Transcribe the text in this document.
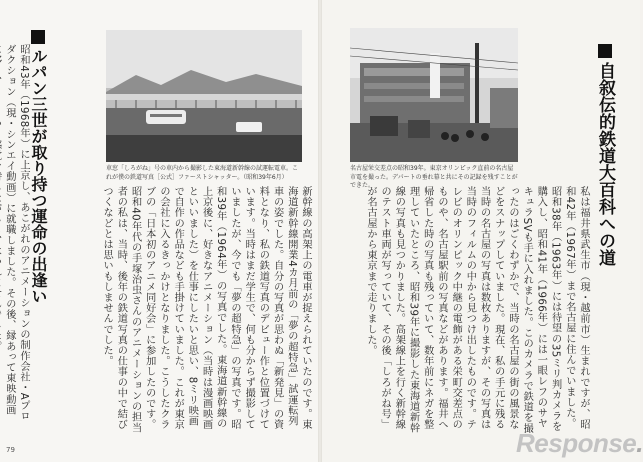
自叙伝的鉄道大百科への道
私は福井県武生市（現・越前市）生まれですが、昭和42年（1967年）まで名古屋に住んでいました。昭和38年（1963年）には待望の35ミリ判カメラを購入し、昭和41年（1966年）には一眼レフのサヤキュラSVも手に入れました。このカメラで鉄道を撮ったのはごくわずかで、当時の名古屋の街の風景などをスナップしていました。現在、私の手元に残る当時の名古屋の写真は数枚ありますが、その写真は当時のフィルムの中から見つけ出したものです。テレビのオリンピック中継の電飾がある栄町交差点のものや、名古屋駅前の写真などがあります。福井へ帰省した時の写真も残っていて、数年前にネガを整理していたところ、昭和39年に撮影した東海道新幹線の写真も見つかりました。高架線上を行く新幹線のテスト車両が写っていて、その後「しろがね号」が名古屋から東京まで走りました。
名古屋栄交差点の昭和39年。東京オリンピック直前の名古屋市電を撮った。デパートの垂れ幕と共にその記録を残すことができた。
ルパン三世が取り持つ運命の出逢い
昭和43年（1968年）に上京し、あこがれのアニメーションの制作会社・Aプロダクション（現・シンエイ動画）に就職しました。その後、縁あって東映動画	新幹線の高架上の電車が捉えられていたのです。東海道新幹線開業4カ月前の「夢の超特急」試運転列車の姿でした。自分の写真が思わぬ「新発見」の資料となり、私の鉄道写真のデビュー作と位置づけています。当時はまだ学生で、何も分からず撮影していましたが、今でも「夢の超特急」の写真です。昭和39年（1964年）の写真でした。東海道新幹線の上京後に、好きなアニメーション（当時は漫画映画といいました）を仕事にしたいと思い、8ミリ映画で自作の作品なども手掛けていました。これが東京の会社に入るきっかけとなりました。こうしたクラブの「日本初のアニメ同好会」に参加したのです。昭和40年代の手塚治虫さんのアニメーションの担当者の私は、当時、後年の鉄道写真の仕事の中で結びつくなどとは思いもしませんでした。
車窓「しろがね」号の車内から撮影した東海道新幹線の試運転電車。これが僕の鉄道写真［公式］ファーストシャッター。（昭和39年6月）
79	Response.
